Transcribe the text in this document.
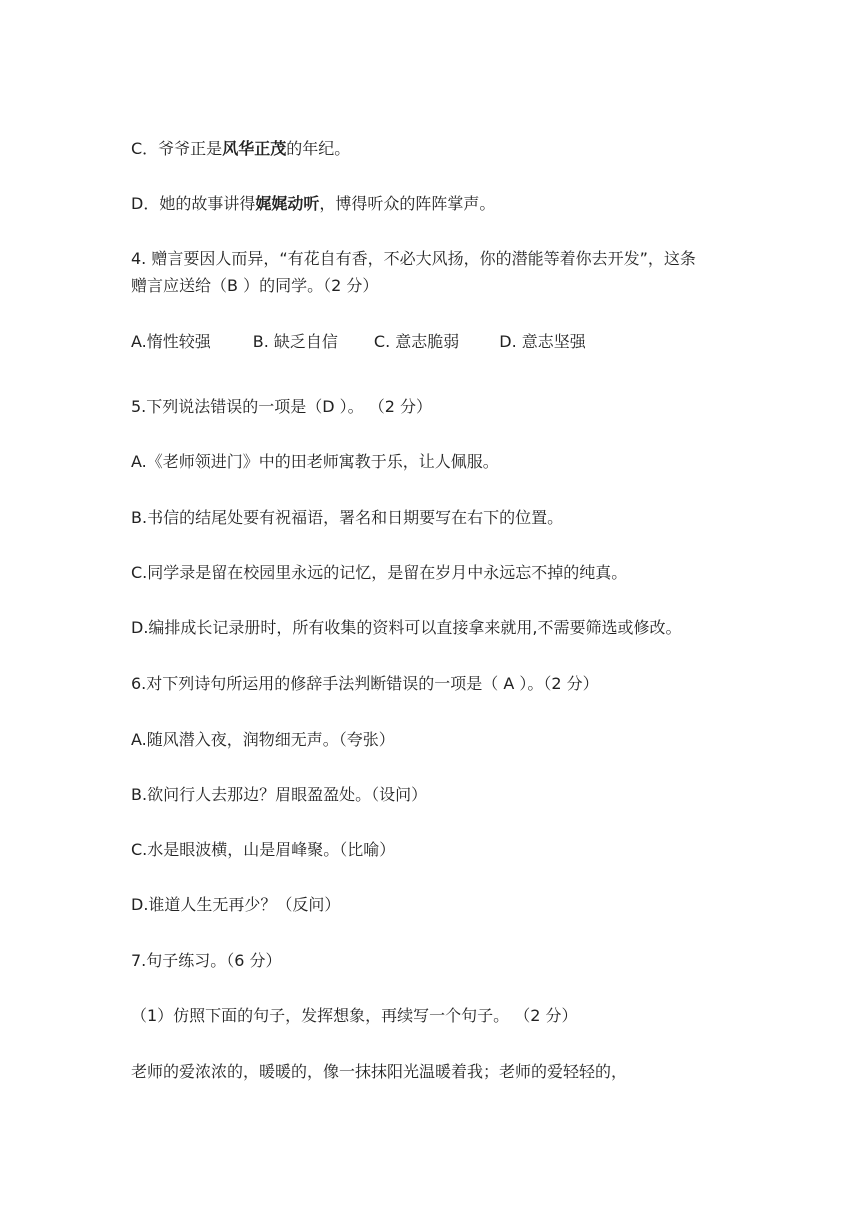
C．爷爷正是风华正茂的年纪。
D．她的故事讲得娓娓动听，博得听众的阵阵掌声。
4. 赠言要因人而异，“有花自有香，不必大风扬，你的潜能等着你去开发”，这条
赠言应送给（B ）的同学。（2 分）
A.惰性较强	B. 缺乏自信 C. 意志脆弱	D. 意志坚强
5.下列说法错误的一项是（D ）。 （2 分）
A.《老师领进门》中的田老师寓教于乐，让人佩服。
B.书信的结尾处要有祝福语，署名和日期要写在右下的位置。
C.同学录是留在校园里永远的记忆，是留在岁月中永远忘不掉的纯真。
D.编排成长记录册时，所有收集的资料可以直接拿来就用,不需要筛选或修改。
6.对下列诗句所运用的修辞手法判断错误的一项是（ A ）。（2 分）
A.随风潜入夜，润物细无声。（夸张）
B.欲问行人去那边？眉眼盈盈处。（设问）
C.水是眼波横，山是眉峰聚。（比喻）
D.谁道人生无再少？（反问）
7.句子练习。（6 分）
（1）仿照下面的句子，发挥想象，再续写一个句子。 （2 分）
老师的爱浓浓的，暖暖的，像一抹抹阳光温暖着我；老师的爱轻轻的，
